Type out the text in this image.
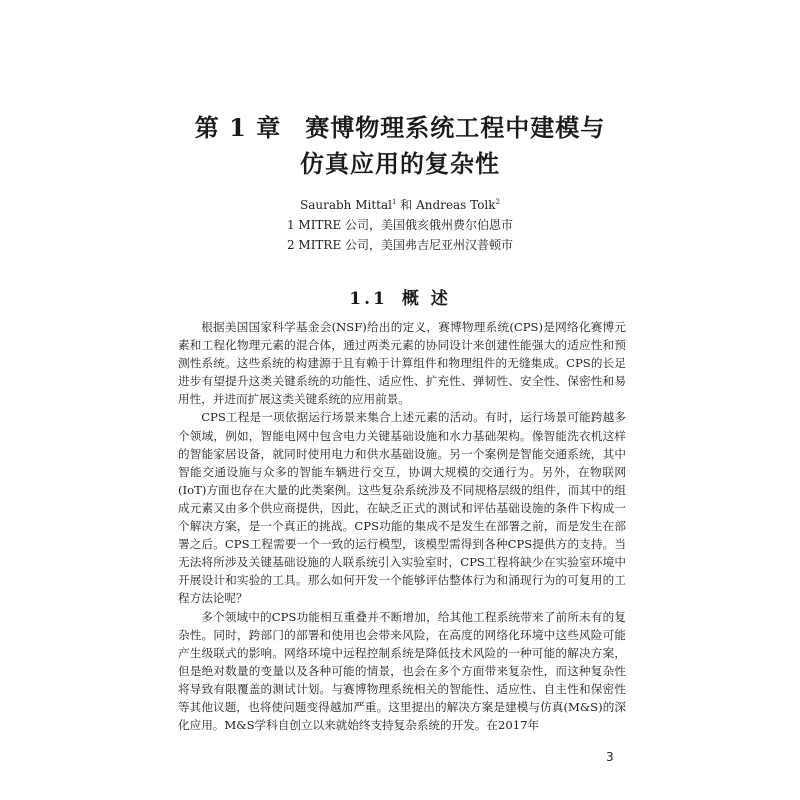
第 1 章 赛博物理系统工程中建模与
仿真应用的复杂性
Saurabh Mittal$^1$ 和 Andreas Tolk$^2$
1 MITRE 公司，美国俄亥俄州费尔伯恩市
2 MITRE 公司，美国弗吉尼亚州汉普顿市
1.1 概 述

根据美国国家科学基金会(NSF)给出的定义，赛博物理系统(CPS)是网络化赛博元素和工程化物理元素的混合体，通过两类元素的协同设计来创建性能强大的适应性和预测性系统。这些系统的构建源于且有赖于计算组件和物理组件的无缝集成。CPS的长足进步有望提升这类关键系统的功能性、适应性、扩充性、弹韧性、安全性、保密性和易用性，并进而扩展这类关键系统的应用前景。

CPS工程是一项依据运行场景来集合上述元素的活动。有时，运行场景可能跨越多个领域，例如，智能电网中包含电力关键基础设施和水力基础架构。像智能洗衣机这样的智能家居设备，就同时使用电力和供水基础设施。另一个案例是智能交通系统，其中智能交通设施与众多的智能车辆进行交互，协调大规模的交通行为。另外，在物联网(IoT)方面也存在大量的此类案例。这些复杂系统涉及不同规格层级的组件，而其中的组成元素又由多个供应商提供，因此，在缺乏正式的测试和评估基础设施的条件下构成一个解决方案，是一个真正的挑战。CPS功能的集成不是发生在部署之前，而是发生在部署之后。CPS工程需要一个一致的运行模型，该模型需得到各种CPS提供方的支持。当无法将所涉及关键基础设施的人联系统引入实验室时，CPS工程将缺少在实验室环境中开展设计和实验的工具。那么如何开发一个能够评估整体行为和涌现行为的可复用的工程方法论呢？

多个领域中的CPS功能相互重叠并不断增加，给其他工程系统带来了前所未有的复杂性。同时，跨部门的部署和使用也会带来风险，在高度的网络化环境中这些风险可能产生级联式的影响。网络环境中远程控制系统是降低技术风险的一种可能的解决方案，但是绝对数量的变量以及各种可能的情景，也会在多个方面带来复杂性，而这种复杂性将导致有限覆盖的测试计划。与赛博物理系统相关的智能性、适应性、自主性和保密性等其他议题，也将使问题变得越加严重。这里提出的解决方案是建模与仿真(M&S)的深化应用。M&S学科自创立以来就始终支持复杂系统的开发。在2017年

3
